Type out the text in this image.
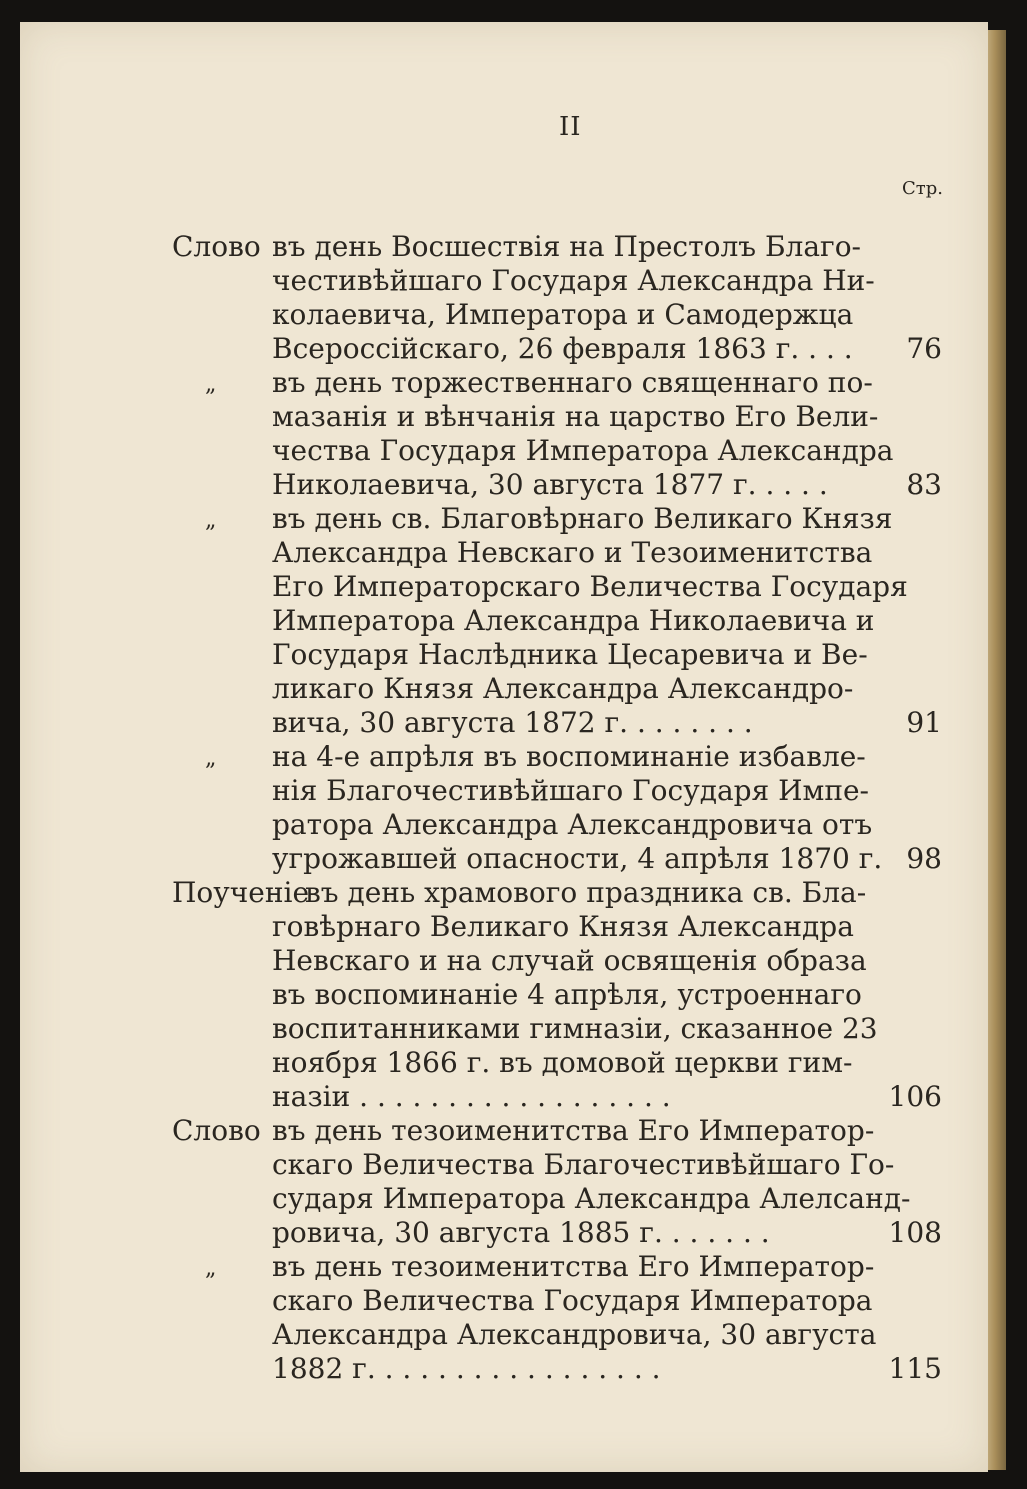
II
Стр.
Слово въ день Восшествія на Престолъ Благо-
честивѣйшаго Государя Александра Ни-
колаевича, Императора и Самодержца
Всероссійскаго, 26 февраля 1863 г. . . .	76
„ въ день торжественнаго священнаго по-
мазанія и вѣнчанія на царство Его Вели-
чества Государя Императора Александра
Николаевича, 30 августа 1877 г. . . . .	83
„ въ день св. Благовѣрнаго Великаго Князя
Александра Невскаго и Тезоименитства
Его Императорскаго Величества Государя
Императора Александра Николаевича и
Государя Наслѣдника Цесаревича и Ве-
ликаго Князя Александра Александро-
вича, 30 августа 1872 г. . . . . . . .	91
„ на 4-е апрѣля въ воспоминаніе избавле-
нія Благочестивѣйшаго Государя Импе-
ратора Александра Александровича отъ
угрожавшей опасности, 4 апрѣля 1870 г. 98
Поученіе
въ день храмового праздника св. Бла-
говѣрнаго Великаго Князя Александра
Невскаго и на случай освященія образа
въ воспоминаніе 4 апрѣля, устроеннаго
воспитанниками гимназіи, сказанное 23
ноября 1866 г. въ домовой церкви гим-
назіи . . . . . . . . . . . . . . . . . .	106
Слово въ день тезоименитства Его Император-
скаго Величества Благочестивѣйшаго Го-
сударя Императора Александра Алелсанд-
ровича, 30 августа 1885 г. . . . . . .	108
„ въ день тезоименитства Его Император-
скаго Величества Государя Императора
Александра Александровича, 30 августа
1882 г. . . . . . . . . . . . . . . . .	115
